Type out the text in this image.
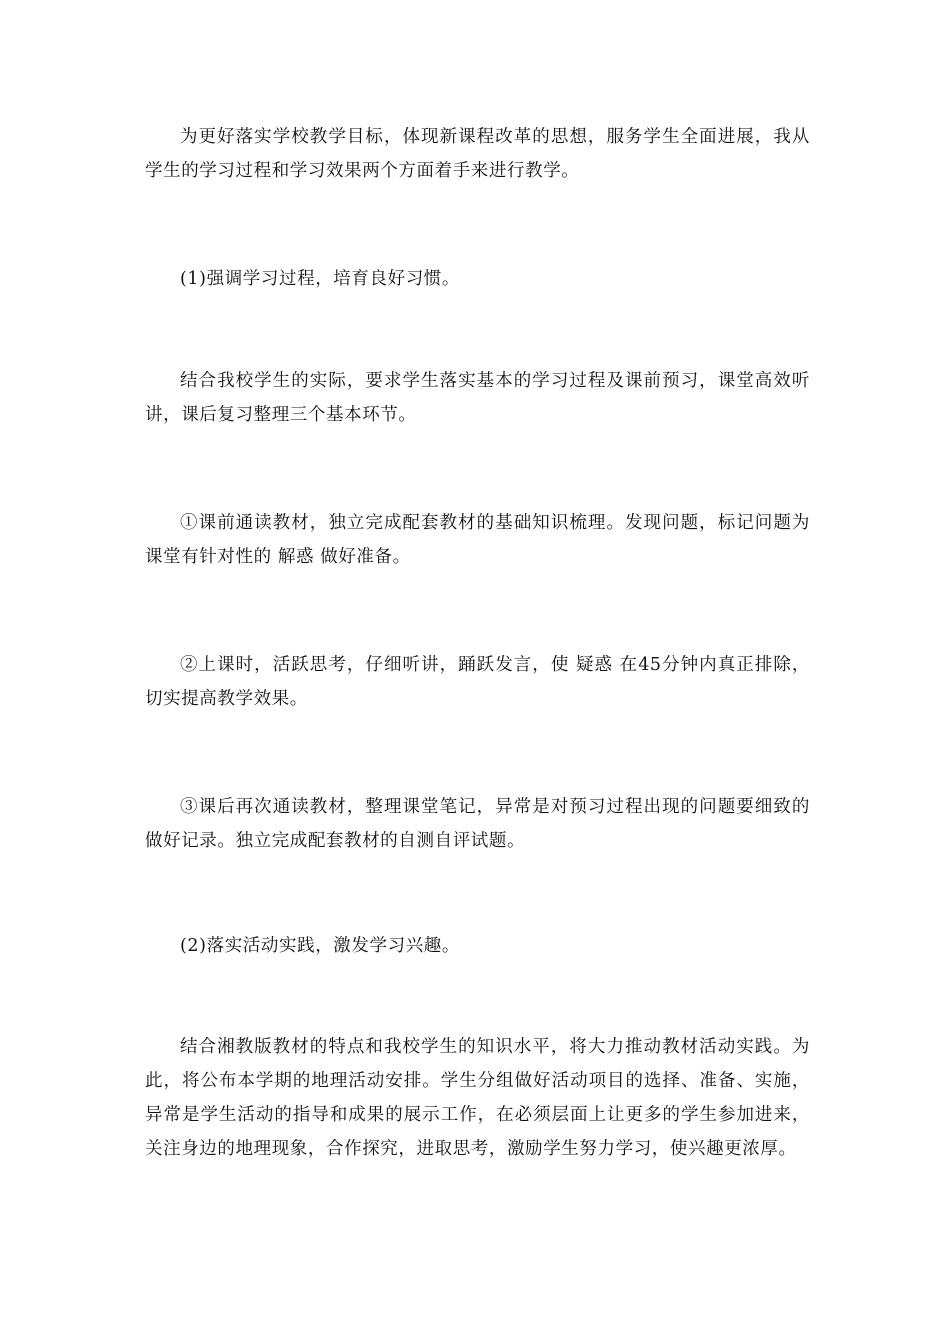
为更好落实学校教学目标，体现新课程改革的思想，服务学生全面进展，我从学生的学习过程和学习效果两个方面着手来进行教学。

(1)强调学习过程，培育良好习惯。

结合我校学生的实际，要求学生落实基本的学习过程及课前预习，课堂高效听讲，课后复习整理三个基本环节。

①课前通读教材，独立完成配套教材的基础知识梳理。发现问题，标记问题为课堂有针对性的 解惑 做好准备。

②上课时，活跃思考，仔细听讲，踊跃发言，使 疑惑 在45分钟内真正排除，切实提高教学效果。

③课后再次通读教材，整理课堂笔记，异常是对预习过程出现的问题要细致的做好记录。独立完成配套教材的自测自评试题。

(2)落实活动实践，激发学习兴趣。

结合湘教版教材的特点和我校学生的知识水平，将大力推动教材活动实践。为此，将公布本学期的地理活动安排。学生分组做好活动项目的选择、准备、实施，异常是学生活动的指导和成果的展示工作，在必须层面上让更多的学生参加进来，关注身边的地理现象，合作探究，进取思考，激励学生努力学习，使兴趣更浓厚。
